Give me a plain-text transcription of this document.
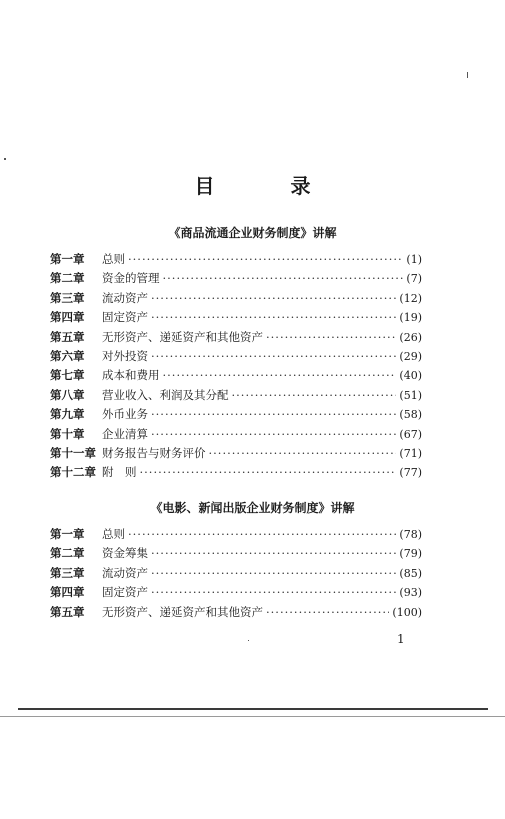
目　录
《商品流通企业财务制度》讲解
第一章	总则 ·····	(1)
第二章	资金的管理 ·····	(7)
第三章	流动资产 ·····	(12)
第四章	固定资产 ·····	(19)
第五章	无形资产、递延资产和其他资产 ·····	(26)
第六章	对外投资 ·····	(29)
第七章	成本和费用 ·····	(40)
第八章	营业收入、利润及其分配 ·····	(51)
第九章	外币业务 ·····	(58)
第十章	企业清算 ·····	(67)
第十一章 财务报告与财务评价 ·····	(71)
第十二章 附　则 ·····	(77)
《电影、新闻出版企业财务制度》讲解
第一章	总则 ·····	(78)
第二章	资金筹集 ·····	(79)
第三章	流动资产 ·····	(85)
第四章	固定资产 ·····	(93)
第五章	无形资产、递延资产和其他资产 ·····	(100)
1
